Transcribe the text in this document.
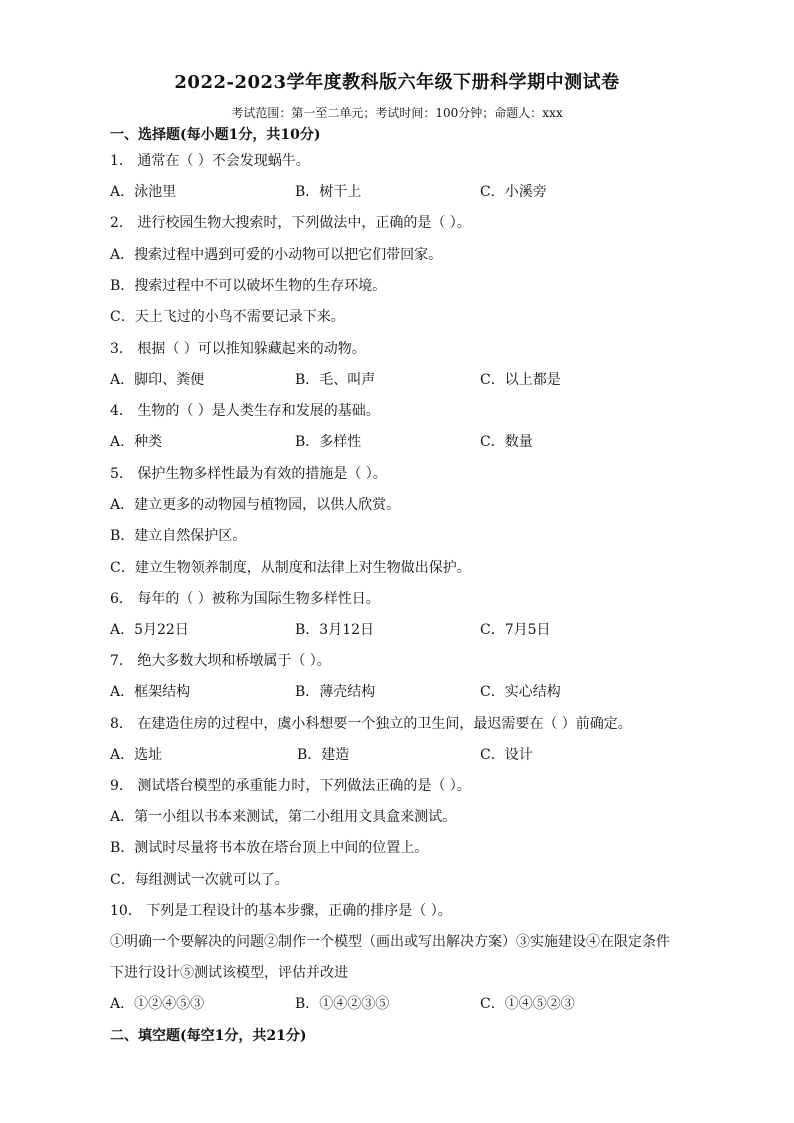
2022-2023学年度教科版六年级下册科学期中测试卷
考试范围：第一至二单元；考试时间：100分钟；命题人：xxx
一、选择题(每小题1分，共10分)
1． 通常在（ ）不会发现蜗牛。
A．泳池里	B．树干上	C．小溪旁
2． 进行校园生物大搜索时，下列做法中，正确的是（ ）。
A．搜索过程中遇到可爱的小动物可以把它们带回家。
B．搜索过程中不可以破坏生物的生存环境。
C．天上飞过的小鸟不需要记录下来。
3． 根据（ ）可以推知躲藏起来的动物。
A．脚印、粪便	B．毛、叫声	C．以上都是
4． 生物的（ ）是人类生存和发展的基础。
A．种类	B．多样性	C．数量
5． 保护生物多样性最为有效的措施是（ ）。
A．建立更多的动物园与植物园，以供人欣赏。
B．建立自然保护区。
C．建立生物领养制度，从制度和法律上对生物做出保护。
6． 每年的（ ）被称为国际生物多样性日。
A．5月22日	B．3月12日	C．7月5日
7． 绝大多数大坝和桥墩属于（ ）。
A．框架结构	B．薄壳结构	C．实心结构
8． 在建造住房的过程中，虞小科想要一个独立的卫生间，最迟需要在（ ）前确定。
A．选址	B．建造	C．设计
9． 测试塔台模型的承重能力时，下列做法正确的是（ ）。
A．第一小组以书本来测试，第二小组用文具盒来测试。
B．测试时尽量将书本放在塔台顶上中间的位置上。
C．每组测试一次就可以了。
10． 下列是工程设计的基本步骤，正确的排序是（ ）。
①明确一个要解决的问题②制作一个模型（画出或写出解决方案）③实施建设④在限定条件
下进行设计⑤测试该模型，评估并改进
A．①②④⑤③	B．①④②③⑤	C．①④⑤②③
二、填空题(每空1分，共21分)
